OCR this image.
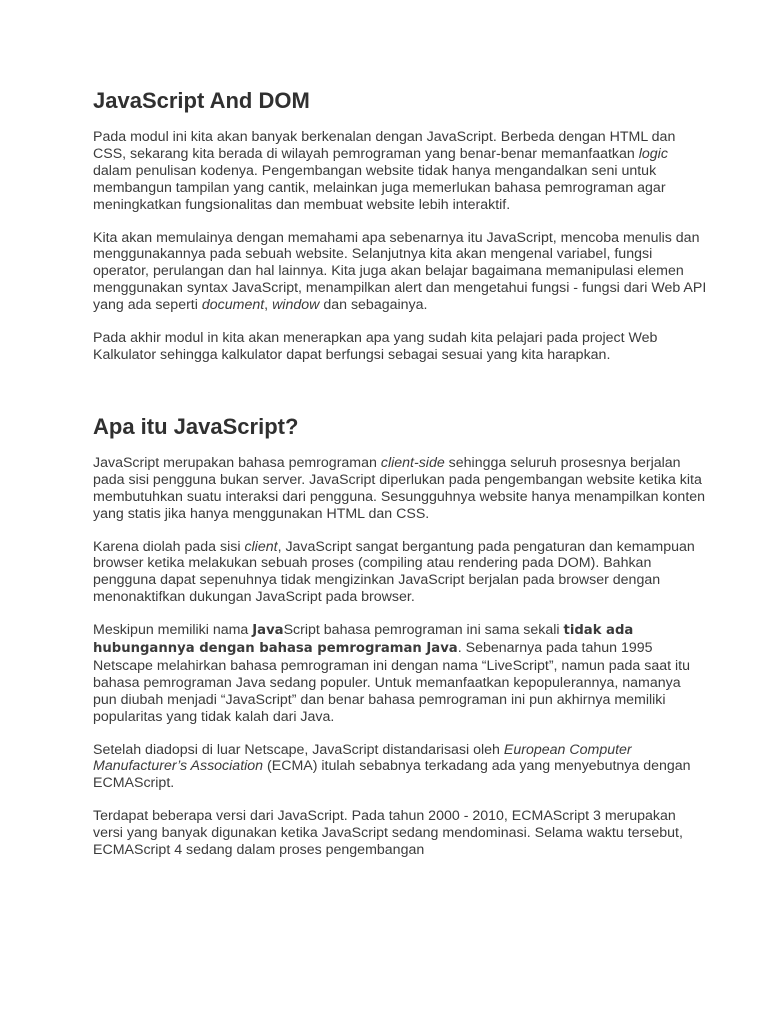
JavaScript And DOM

Pada modul ini kita akan banyak berkenalan dengan JavaScript. Berbeda dengan HTML dan CSS, sekarang kita berada di wilayah pemrograman yang benar-benar memanfaatkan logic dalam penulisan kodenya. Pengembangan website tidak hanya mengandalkan seni untuk membangun tampilan yang cantik, melainkan juga memerlukan bahasa pemrograman agar meningkatkan fungsionalitas dan membuat website lebih interaktif.

Kita akan memulainya dengan memahami apa sebenarnya itu JavaScript, mencoba menulis dan menggunakannya pada sebuah website. Selanjutnya kita akan mengenal variabel, fungsi operator, perulangan dan hal lainnya. Kita juga akan belajar bagaimana memanipulasi elemen menggunakan syntax JavaScript, menampilkan alert dan mengetahui fungsi - fungsi dari Web API yang ada seperti document, window dan sebagainya.

Pada akhir modul in kita akan menerapkan apa yang sudah kita pelajari pada project Web Kalkulator sehingga kalkulator dapat berfungsi sebagai sesuai yang kita harapkan.

Apa itu JavaScript?

JavaScript merupakan bahasa pemrograman client-side sehingga seluruh prosesnya berjalan pada sisi pengguna bukan server. JavaScript diperlukan pada pengembangan website ketika kita membutuhkan suatu interaksi dari pengguna. Sesungguhnya website hanya menampilkan konten yang statis jika hanya menggunakan HTML dan CSS.

Karena diolah pada sisi client, JavaScript sangat bergantung pada pengaturan dan kemampuan browser ketika melakukan sebuah proses (compiling atau rendering pada DOM). Bahkan pengguna dapat sepenuhnya tidak mengizinkan JavaScript berjalan pada browser dengan menonaktifkan dukungan JavaScript pada browser.

Meskipun memiliki nama JavaScript bahasa pemrograman ini sama sekali tidak ada hubungannya dengan bahasa pemrograman Java. Sebenarnya pada tahun 1995 Netscape melahirkan bahasa pemrograman ini dengan nama “LiveScript”, namun pada saat itu bahasa pemrograman Java sedang populer. Untuk memanfaatkan kepopulerannya, namanya pun diubah menjadi “JavaScript” dan benar bahasa pemrograman ini pun akhirnya memiliki popularitas yang tidak kalah dari Java.

Setelah diadopsi di luar Netscape, JavaScript distandarisasi oleh European Computer Manufacturer’s Association (ECMA) itulah sebabnya terkadang ada yang menyebutnya dengan ECMAScript.

Terdapat beberapa versi dari JavaScript. Pada tahun 2000 - 2010, ECMAScript 3 merupakan versi yang banyak digunakan ketika JavaScript sedang mendominasi. Selama waktu tersebut, ECMAScript 4 sedang dalam proses pengembangan
